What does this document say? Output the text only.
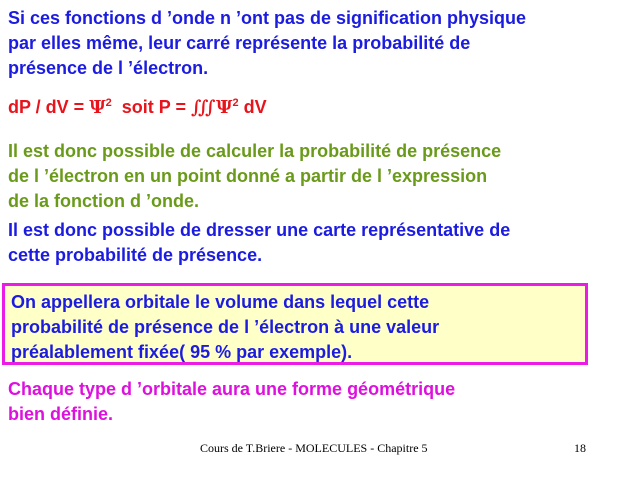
Si ces fonctions d ’onde n ’ont pas de signification physique
par elles même, leur carré représente la probabilité de
présence de l ’électron.

dP / dV = $\Psi^2$  soit $P = ∭\Psi^2$ dV

Il est donc possible de calculer la probabilité de présence
de l ’électron en un point donné a partir de l ’expression
de la fonction d ’onde.

Il est donc possible de dresser une carte représentative de
cette probabilité de présence.

On appellera orbitale le volume dans lequel cette
probabilité de présence de l ’électron à une valeur
préalablement fixée( 95 % par exemple).

Chaque type d ’orbitale aura une forme géométrique
bien définie.

Cours de T.Briere - MOLECULES - Chapitre 5	18
